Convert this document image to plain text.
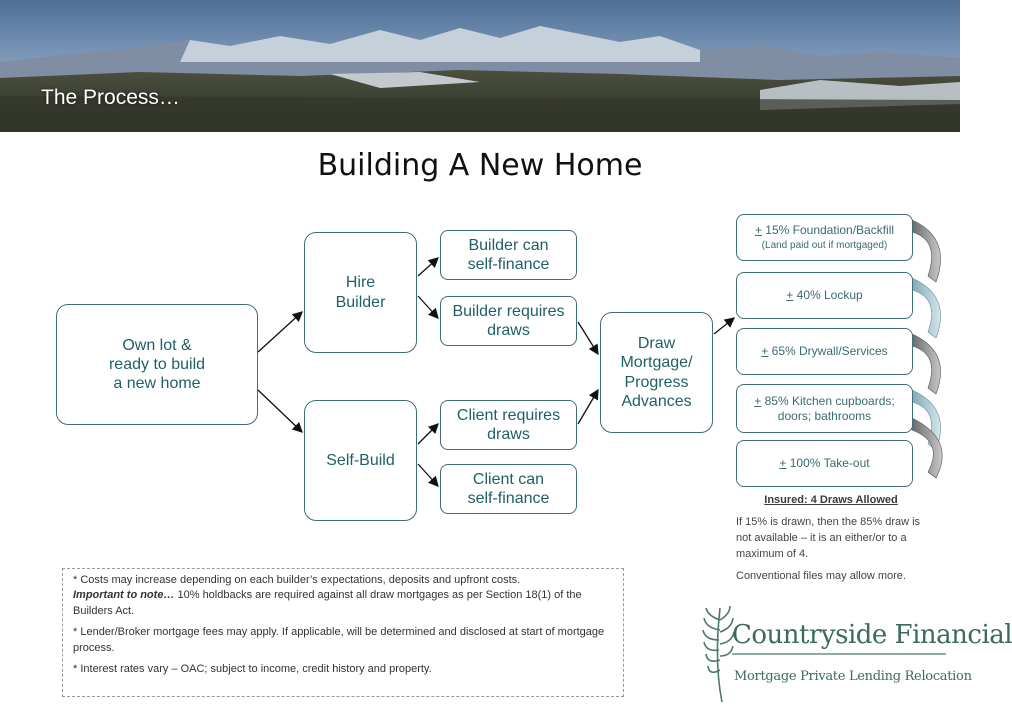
The Process…
Building A New Home
Own lot &
ready to build
a new home
Hire
Builder
Self-Build
Builder can
self-finance
Builder requires
draws
Client requires
draws
Client can
self-finance
Draw
Mortgage/
Progress
Advances
+ 15% Foundation/Backfill
(Land paid out if mortgaged)
+ 40% Lockup
+ 65% Drywall/Services
+ 85% Kitchen cupboards;
doors; bathrooms
+ 100% Take-out
Insured: 4 Draws Allowed

If 15% is drawn, then the 85% draw is not available – it is an either/or to a maximum of 4.

Conventional files may allow more.

* Costs may increase depending on each builder’s expectations, deposits and upfront costs.
Important to note… 10% holdbacks are required against all draw mortgages as per Section 18(1) of the Builders Act.

* Lender/Broker mortgage fees may apply. If applicable, will be determined and disclosed at start of mortgage process.

* Interest rates vary – OAC; subject to income, credit history and property.

Countryside Financial
Mortgage Private Lending Relocation
